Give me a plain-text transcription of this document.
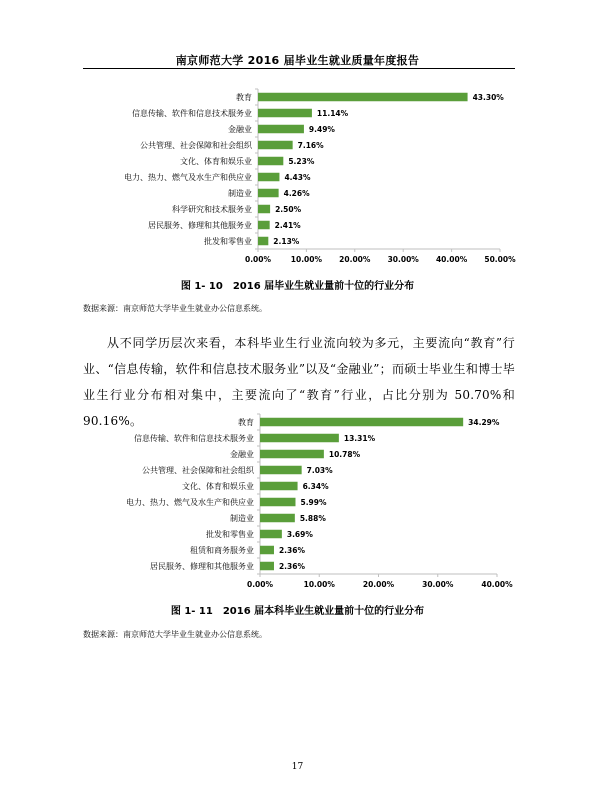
南京师范大学 2016 届毕业生就业质量年度报告
教育	43.30%
信息传输、软件和信息技术服务业	11.14%
金融业	9.49%
公共管理、社会保障和社会组织	7.16%
文化、体育和娱乐业	5.23%
电力、热力、燃气及水生产和供应业	4.43%
制造业	4.26%
科学研究和技术服务业	2.50%
居民服务、修理和其他服务业	2.41%
批发和零售业	2.13%
0.00%	10.00% 20.00% 30.00% 40.00% 50.00%
图 1- 10　2016 届毕业生就业量前十位的行业分布
数据来源：南京师范大学毕业生就业办公信息系统。

从不同学历层次来看，本科毕业生行业流向较为多元，主要流向“教育”行业、“信息传输，软件和信息技术服务业”以及“金融业”；而硕士毕业生和博士毕业生行业分布相对集中，主要流向了“教育”行业，占比分别为 50.70%和 90.16%。	教育	34.29%
信息传输、软件和信息技术服务业	13.31%
金融业	10.78%
公共管理、社会保障和社会组织	7.03%
文化、体育和娱乐业	6.34%
电力、热力、燃气及水生产和供应业	5.99%
制造业	5.88%
批发和零售业	3.69%
租赁和商务服务业	2.36%
居民服务、修理和其他服务业	2.36%
0.00%	10.00%	20.00%	30.00%	40.00%
图 1- 11　2016 届本科毕业生就业量前十位的行业分布
数据来源：南京师范大学毕业生就业办公信息系统。
17
